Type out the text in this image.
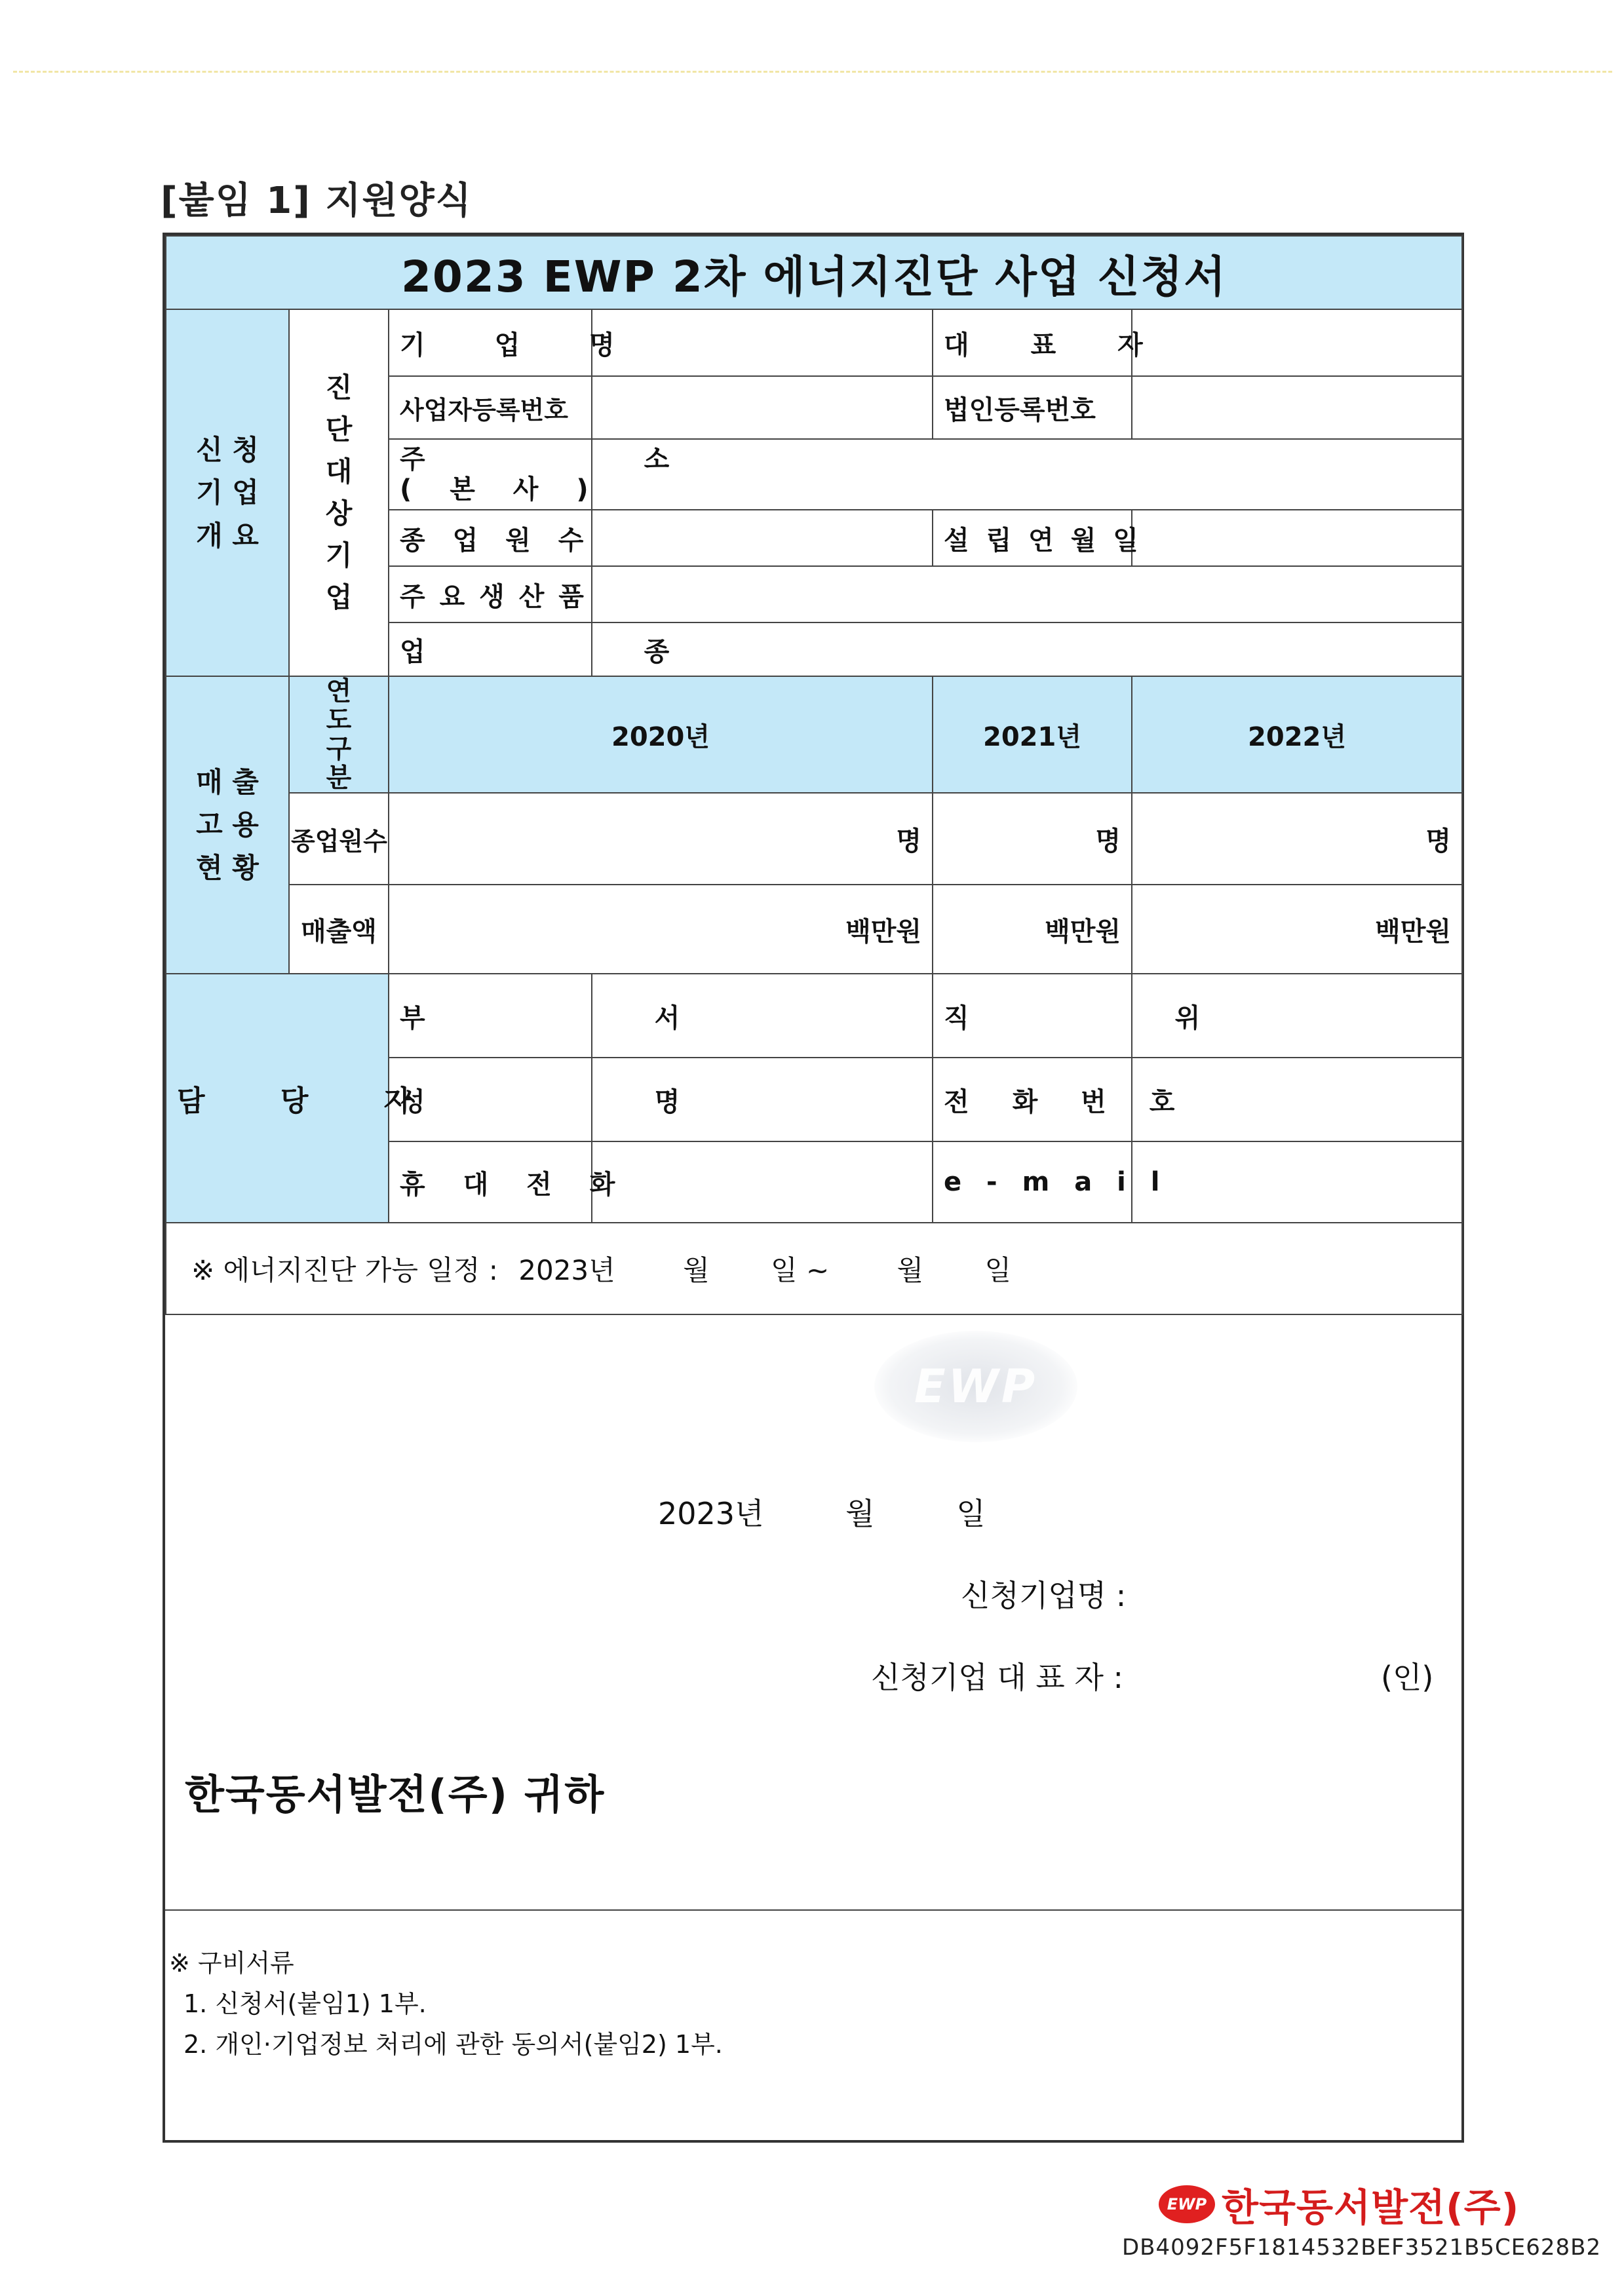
[붙임 1] 지원양식
2023 EWP 2차 에너지진단 사업 신청서					

신 청 기 업 개 요	진 단 대 상 기 업	기 업 명		대 표 자	
		사업자등록번호		법인등록번호	

		주 소
( 본 사 )			

		종 업 원 수		설 립 연 월 일	
		주 요 생 산 품			
		업 종			

매 출 고 용 현 황	연도 구분	2020년		2021년	2022년
	종업원수	명		명	명
	매출액	백만원		백만원	백만원
담 당 자		부 서		직 위	
		성 명		전 화 번 호	
		휴 대 전 화		e - m a i l	
※ 에너지진단 가능 일정 : 2023년 월 일 ~ 월 일					
EWP
2023년	월	일
신청기업명 :
신청기업 대 표 자 :	(인)
한국동서발전(주) 귀하
※ 구비서류
1. 신청서(붙임1) 1부.
2. 개인·기업정보 처리에 관한 동의서(붙임2) 1부.
EWP 한국동서발전(주)
DB4092F5F1814532BEF3521B5CE628B2
